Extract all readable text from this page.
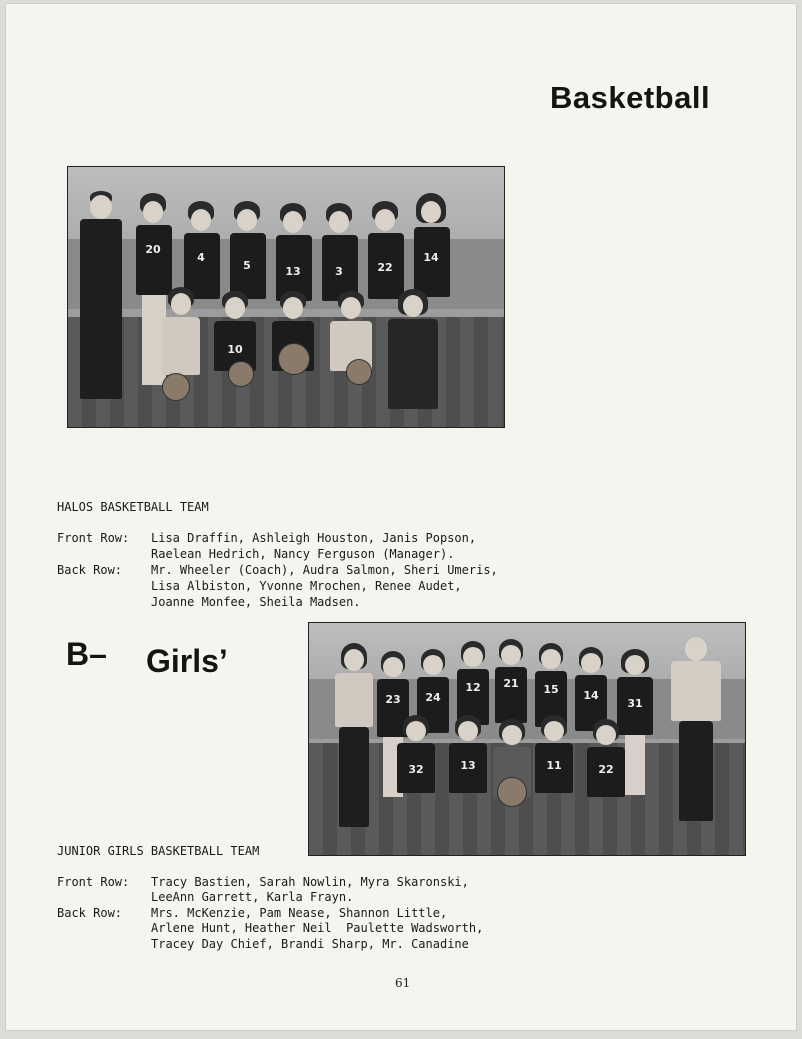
Basketball
20
4
5	13	3	22
14
10
HALOS BASKETBALL TEAM
Front Row: Lisa Draffin, Ashleigh Houston, Janis Popson,
Raelean Hedrich, Nancy Ferguson (Manager).
Back Row: Mr. Wheeler (Coach), Audra Salmon, Sheri Umeris,
Lisa Albiston, Yvonne Mrochen, Renee Audet,
Joanne Monfee, Sheila Madsen.
B– Girls’
23	24
12	21	15	14
31
32	13	11	22
JUNIOR GIRLS BASKETBALL TEAM
Front Row: Tracy Bastien, Sarah Nowlin, Myra Skaronski,
LeeAnn Garrett, Karla Frayn.
Back Row: Mrs. McKenzie, Pam Nease, Shannon Little,
Arlene Hunt, Heather Neil  Paulette Wadsworth,
Tracey Day Chief, Brandi Sharp, Mr. Canadine
61
